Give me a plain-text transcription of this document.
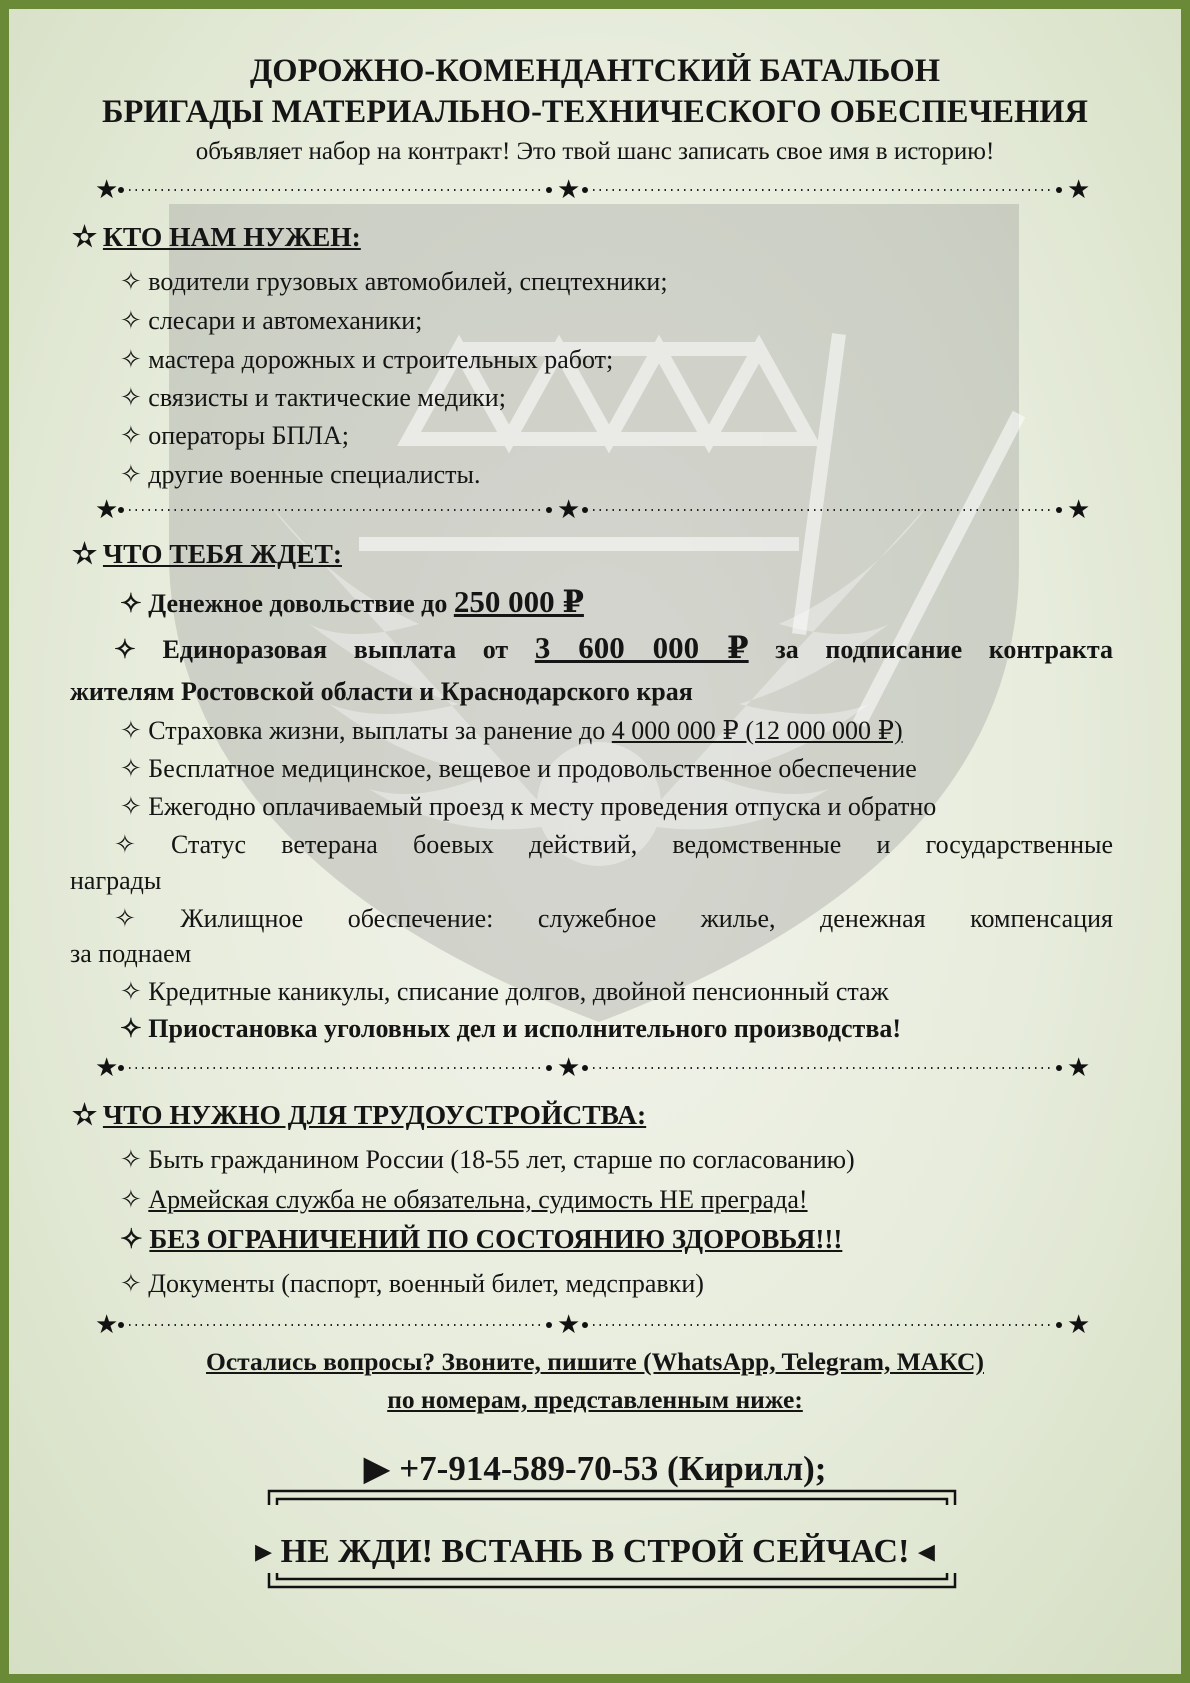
ДОРОЖНО-КОМЕНДАНТСКИЙ БАТАЛЬОН
БРИГАДЫ МАТЕРИАЛЬНО-ТЕХНИЧЕСКОГО ОБЕСПЕЧЕНИЯ
объявляет набор на контракт! Это твой шанс записать свое имя в историю!
★	★	★
✫ КТО НАМ НУЖЕН:
✧ водители грузовых автомобилей, спецтехники;
✧ слесари и автомеханики;
✧ мастера дорожных и строительных работ;
✧ связисты и тактические медики;
✧ операторы БПЛА;
✧ другие военные специалисты.
★	★	★
✫ ЧТО ТЕБЯ ЖДЕТ:
✧ Денежное довольствие до 250 000 ₽
✧ Единоразовая выплата от 3 600 000 ₽ за подписание контракта
жителям Ростовской области и Краснодарского края
✧ Страховка жизни, выплаты за ранение до 4 000 000 ₽ (12 000 000 ₽)
✧ Бесплатное медицинское, вещевое и продовольственное обеспечение
✧ Ежегодно оплачиваемый проезд к месту проведения отпуска и обратно
✧ Статус ветерана боевых действий, ведомственные и государственные
награды
✧ Жилищное обеспечение: служебное жилье, денежная компенсация
за поднаем
✧ Кредитные каникулы, списание долгов, двойной пенсионный стаж
✧ Приостановка уголовных дел и исполнительного производства!
★	★	★
✫ ЧТО НУЖНО ДЛЯ ТРУДОУСТРОЙСТВА:
✧ Быть гражданином России (18-55 лет, старше по согласованию)
✧ Армейская служба не обязательна, судимость НЕ преграда!
✧ БЕЗ ОГРАНИЧЕНИЙ ПО СОСТОЯНИЮ ЗДОРОВЬЯ!!!
✧ Документы (паспорт, военный билет, медсправки)
★	★	★
Остались вопросы? Звоните, пишите (WhatsApp, Telegram, МАКС)
по номерам, представленным ниже:
▶ +7-914-589-70-53 (Кирилл);
▸ НЕ ЖДИ! ВСТАНЬ В СТРОЙ СЕЙЧАС! ◂
